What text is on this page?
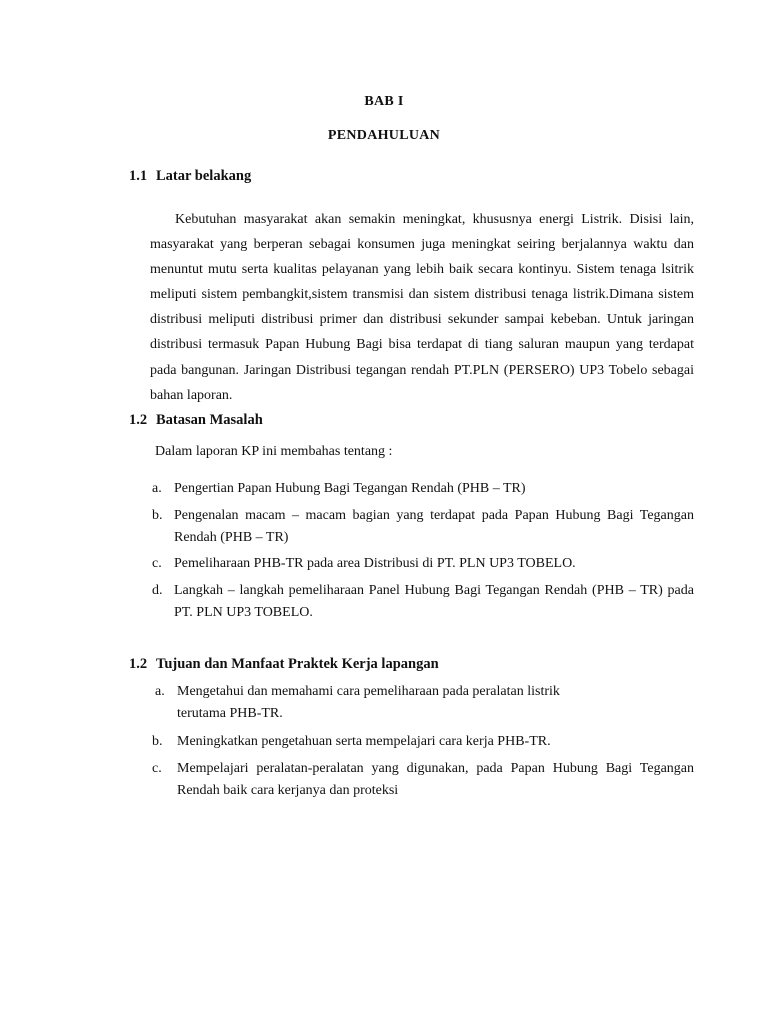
BAB I

PENDAHULUAN

1.1 Latar belakang

Kebutuhan masyarakat akan semakin meningkat, khususnya energi Listrik. Disisi lain, masyarakat yang berperan sebagai konsumen juga meningkat seiring berjalannya waktu dan menuntut mutu serta kualitas pelayanan yang lebih baik secara kontinyu. Sistem tenaga lsitrik meliputi sistem pembangkit,sistem transmisi dan sistem distribusi tenaga listrik.Dimana sistem distribusi meliputi distribusi primer dan distribusi sekunder sampai kebeban. Untuk jaringan distribusi termasuk Papan Hubung Bagi bisa terdapat di tiang saluran maupun yang terdapat pada bangunan. Jaringan Distribusi tegangan rendah PT.PLN (PERSERO) UP3 Tobelo sebagai bahan laporan.

1.2 Batasan Masalah

Dalam laporan KP ini membahas tentang :

a. Pengertian Papan Hubung Bagi Tegangan Rendah (PHB – TR)
b. Pengenalan macam – macam bagian yang terdapat pada Papan Hubung Bagi Tegangan Rendah (PHB – TR)
c. Pemeliharaan PHB-TR pada area Distribusi di PT. PLN UP3 TOBELO.
d. Langkah – langkah pemeliharaan Panel Hubung Bagi Tegangan Rendah (PHB – TR) pada PT. PLN UP3 TOBELO.
1.2 Tujuan dan Manfaat Praktek Kerja lapangan
a. Mengetahui dan memahami cara pemeliharaan pada peralatan listrik terutama PHB-TR.
b. Meningkatkan pengetahuan serta mempelajari cara kerja PHB-TR.
c. Mempelajari peralatan-peralatan yang digunakan, pada Papan Hubung Bagi Tegangan Rendah baik cara kerjanya dan proteksi
